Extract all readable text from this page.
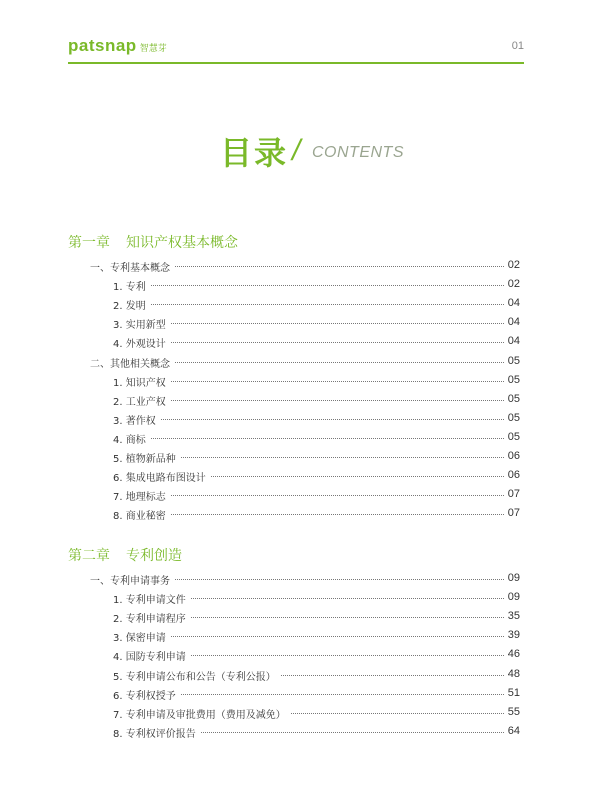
patsnap 智慧芽	01
目录 / CONTENTS
第一章 知识产权基本概念
一、专利基本概念	02
1. 专利	02
2. 发明	04
3. 实用新型	04
4. 外观设计	04
二、其他相关概念	05
1. 知识产权	05
2. 工业产权	05
3. 著作权	05
4. 商标	05
5. 植物新品种	06
6. 集成电路布图设计	06
7. 地理标志	07
8. 商业秘密	07
第二章 专利创造
一、专利申请事务	09
1. 专利申请文件	09
2. 专利申请程序	35
3. 保密申请	39
4. 国防专利申请	46
5. 专利申请公布和公告（专利公报）	48
6. 专利权授予	51
7. 专利申请及审批费用（费用及减免）	55
8. 专利权评价报告	64
